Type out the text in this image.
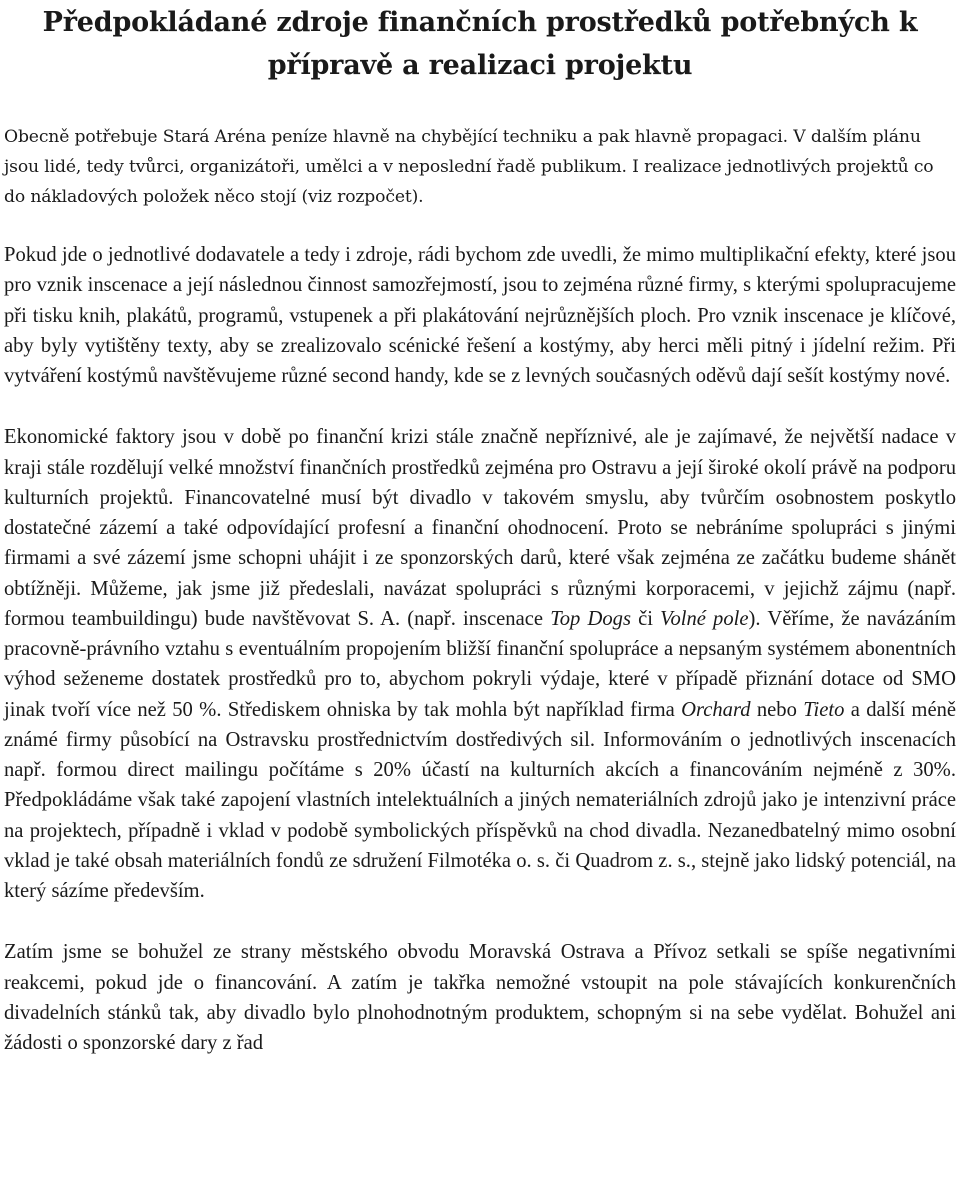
Předpokládané zdroje finančních prostředků potřebných k přípravě a realizaci projektu

Obecně potřebuje Stará Aréna peníze hlavně na chybějící techniku a pak hlavně propagaci. V dalším plánu jsou lidé, tedy tvůrci, organizátoři, umělci a v neposlední řadě publikum. I realizace jednotlivých projektů co do nákladových položek něco stojí (viz rozpočet).

Pokud jde o jednotlivé dodavatele a tedy i zdroje, rádi bychom zde uvedli, že mimo multiplikační efekty, které jsou pro vznik inscenace a její následnou činnost samozřejmostí, jsou to zejména různé firmy, s kterými spolupracujeme při tisku knih, plakátů, programů, vstupenek a při plakátování nejrůznějších ploch. Pro vznik inscenace je klíčové, aby byly vytištěny texty, aby se zrealizovalo scénické řešení a kostýmy, aby herci měli pitný i jídelní režim. Při vytváření kostýmů navštěvujeme různé second handy, kde se z levných současných oděvů dají sešít kostýmy nové.

Ekonomické faktory jsou v době po finanční krizi stále značně nepříznivé, ale je zajímavé, že největší nadace v kraji stále rozdělují velké množství finančních prostředků zejména pro Ostravu a její široké okolí právě na podporu kulturních projektů. Financovatelné musí být divadlo v takovém smyslu, aby tvůrčím osobnostem poskytlo dostatečné zázemí a také odpovídající profesní a finanční ohodnocení. Proto se nebráníme spolupráci s jinými firmami a své zázemí jsme schopni uhájit i ze sponzorských darů, které však zejména ze začátku budeme shánět obtížněji. Můžeme, jak jsme již předeslali, navázat spolupráci s různými korporacemi, v jejichž zájmu (např. formou teambuildingu) bude navštěvovat S. A. (např. inscenace Top Dogs či Volné pole). Věříme, že navázáním pracovně-právního vztahu s eventuálním propojením bližší finanční spolupráce a nepsaným systémem abonentních výhod seženeme dostatek prostředků pro to, abychom pokryli výdaje, které v případě přiznání dotace od SMO jinak tvoří více než 50 %. Střediskem ohniska by tak mohla být například firma Orchard nebo Tieto a další méně známé firmy působící na Ostravsku prostřednictvím dostředivých sil. Informováním o jednotlivých inscenacích např. formou direct mailingu počítáme s 20% účastí na kulturních akcích a financováním nejméně z 30%. Předpokládáme však také zapojení vlastních intelektuálních a jiných nemateriálních zdrojů jako je intenzivní práce na projektech, případně i vklad v podobě symbolických příspěvků na chod divadla. Nezanedbatelný mimo osobní vklad je také obsah materiálních fondů ze sdružení Filmotéka o. s. či Quadrom z. s., stejně jako lidský potenciál, na který sázíme především.

Zatím jsme se bohužel ze strany městského obvodu Moravská Ostrava a Přívoz setkali se spíše negativními reakcemi, pokud jde o financování. A zatím je takřka nemožné vstoupit na pole stávajících konkurenčních divadelních stánků tak, aby divadlo bylo plnohodnotným produktem, schopným si na sebe vydělat. Bohužel ani žádosti o sponzorské dary z řad
